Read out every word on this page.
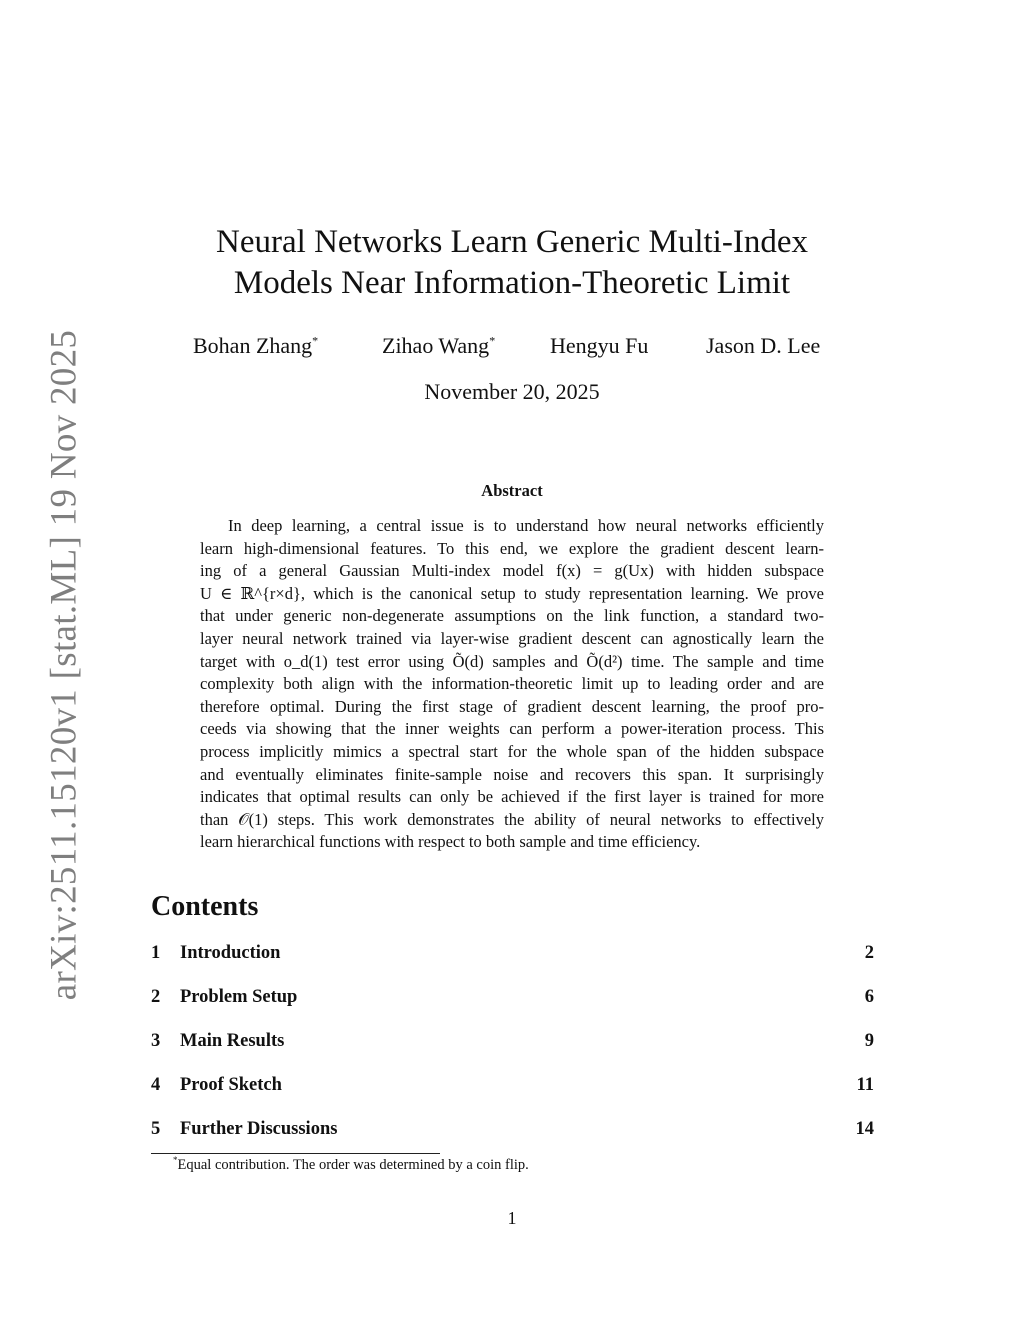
arXiv:2511.15120v1 [stat.ML] 19 Nov 2025
Neural Networks Learn Generic Multi-Index
Models Near Information-Theoretic Limit
Bohan Zhang*	Zihao Wang* Hengyu Fu	Jason D. Lee
November 20, 2025
Abstract
In deep learning, a central issue is to understand how neural networks efficiently
learn high-dimensional features. To this end, we explore the gradient descent learn-
ing of a general Gaussian Multi-index model f(x) = g(Ux) with hidden subspace
U ∈ ℝ^{r×d}, which is the canonical setup to study representation learning. We prove
that under generic non-degenerate assumptions on the link function, a standard two-
layer neural network trained via layer-wise gradient descent can agnostically learn the
target with o_d(1) test error using Õ(d) samples and Õ(d²) time. The sample and time
complexity both align with the information-theoretic limit up to leading order and are
therefore optimal. During the first stage of gradient descent learning, the proof pro-
ceeds via showing that the inner weights can perform a power-iteration process. This
process implicitly mimics a spectral start for the whole span of the hidden subspace
and eventually eliminates finite-sample noise and recovers this span. It surprisingly
indicates that optimal results can only be achieved if the first layer is trained for more
than 𝒪(1) steps. This work demonstrates the ability of neural networks to effectively
learn hierarchical functions with respect to both sample and time efficiency.
Contents
1 Introduction	2
2 Problem Setup	6
3 Main Results	9
4 Proof Sketch	11
5 Further Discussions	14
*Equal contribution. The order was determined by a coin flip.
1
